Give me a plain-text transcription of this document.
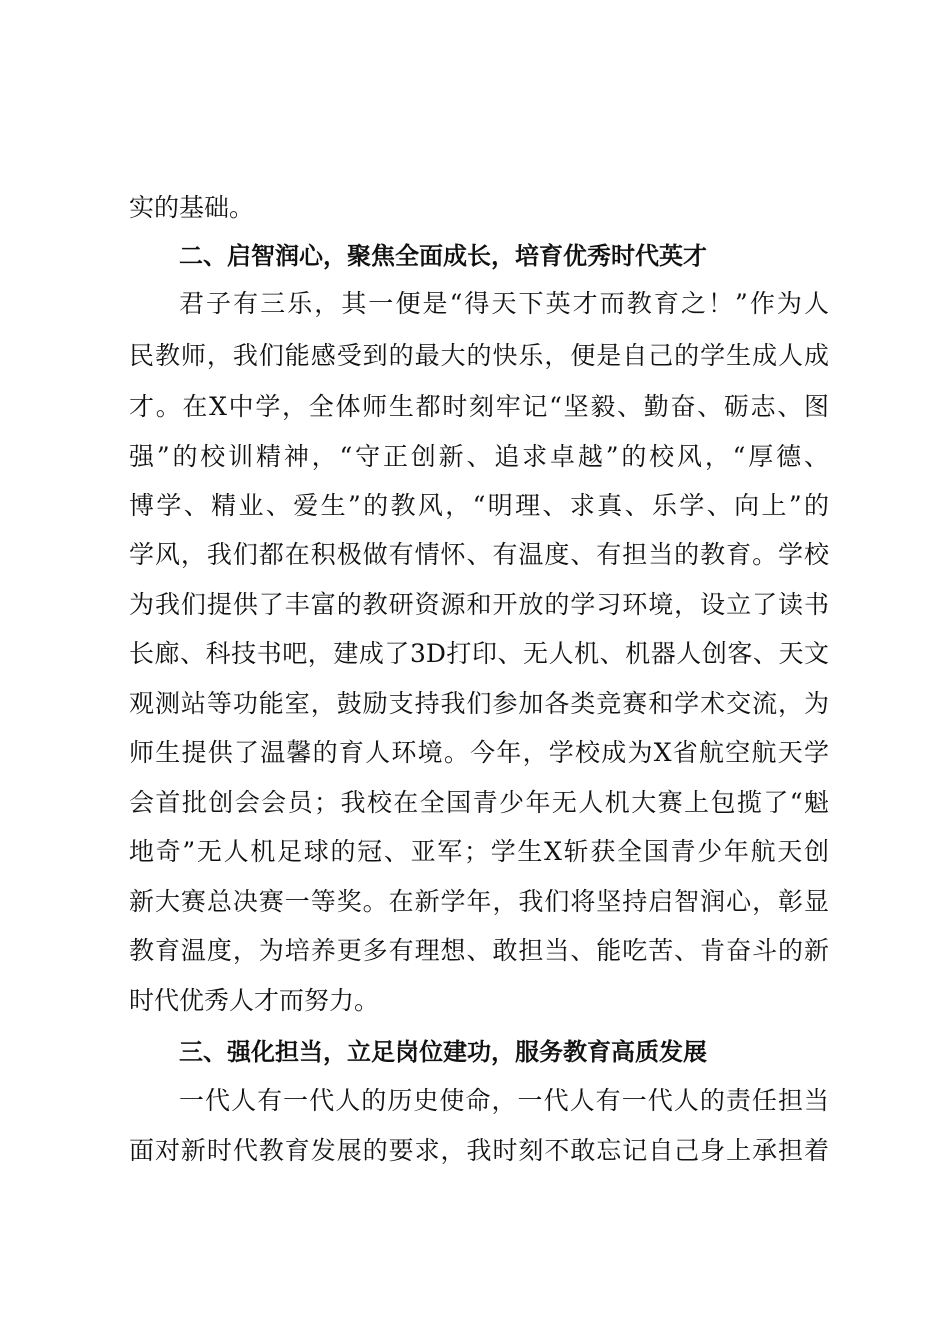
实的基础。
二、启智润心，聚焦全面成长，培育优秀时代英才
君子有三乐，其一便是“得天下英才而教育之！”作为人
民教师，我们能感受到的最大的快乐，便是自己的学生成人成
才。在X中学，全体师生都时刻牢记“坚毅、勤奋、砺志、图
强”的校训精神，“守正创新、追求卓越”的校风，“厚德、
博学、精业、爱生”的教风，“明理、求真、乐学、向上”的
学风，我们都在积极做有情怀、有温度、有担当的教育。学校
为我们提供了丰富的教研资源和开放的学习环境，设立了读书
长廊、科技书吧，建成了3D打印、无人机、机器人创客、天文
观测站等功能室，鼓励支持我们参加各类竞赛和学术交流，为
师生提供了温馨的育人环境。今年，学校成为X省航空航天学
会首批创会会员；我校在全国青少年无人机大赛上包揽了“魁
地奇”无人机足球的冠、亚军；学生X斩获全国青少年航天创
新大赛总决赛一等奖。在新学年，我们将坚持启智润心，彰显
教育温度，为培养更多有理想、敢担当、能吃苦、肯奋斗的新
时代优秀人才而努力。
三、强化担当，立足岗位建功，服务教育高质发展
一代人有一代人的历史使命，一代人有一代人的责任担当
面对新时代教育发展的要求，我时刻不敢忘记自己身上承担着
